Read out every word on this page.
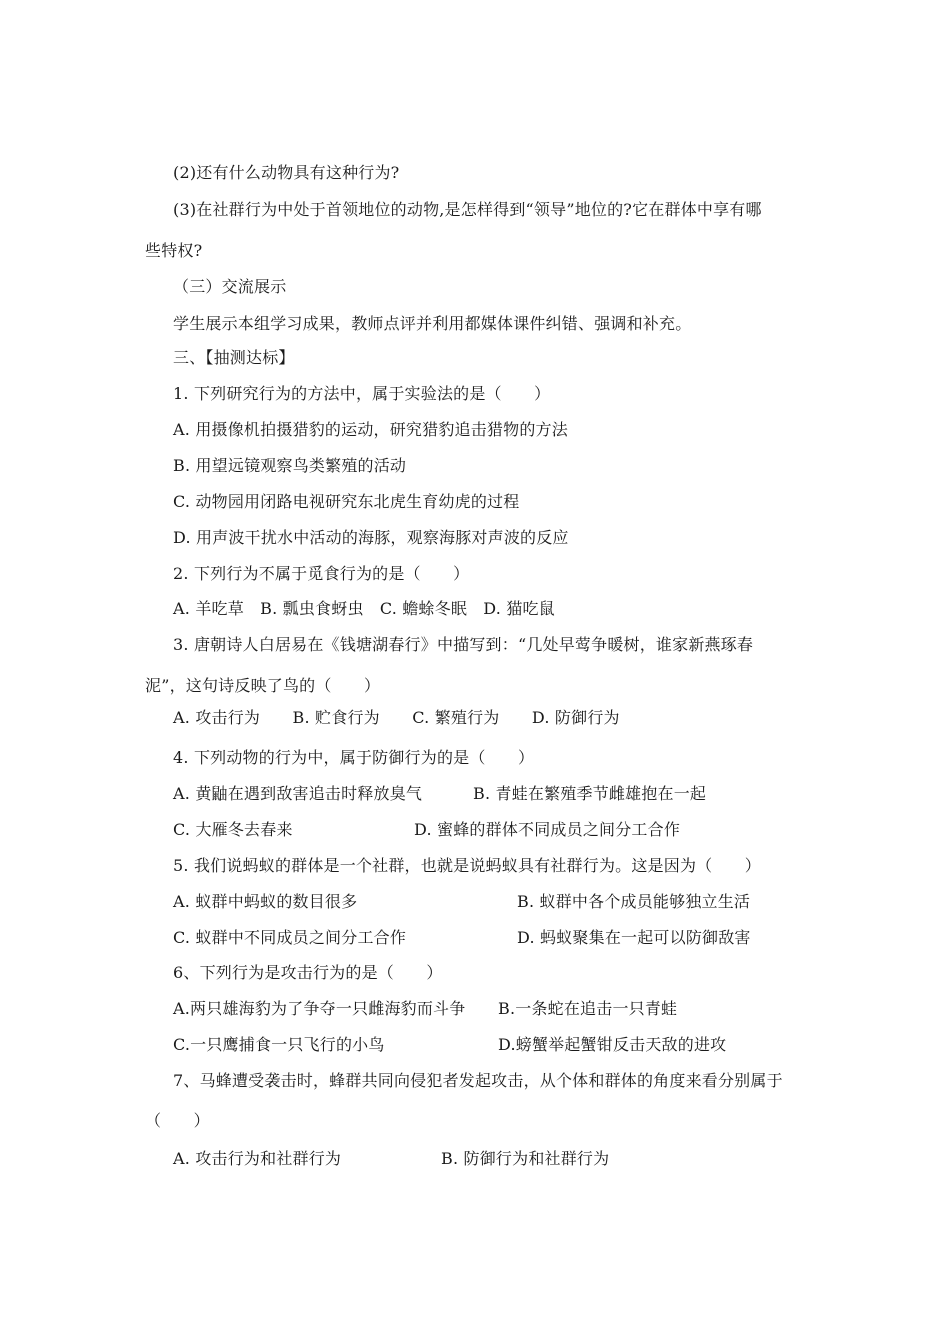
(2)还有什么动物具有这种行为?
(3)在社群行为中处于首领地位的动物,是怎样得到“领导”地位的?它在群体中享有哪
些特权?
（三）交流展示
学生展示本组学习成果，教师点评并利用都媒体课件纠错、强调和补充。
三、【抽测达标】
1. 下列研究行为的方法中，属于实验法的是（　　）
A. 用摄像机拍摄猎豹的运动，研究猎豹追击猎物的方法
B. 用望远镜观察鸟类繁殖的活动
C. 动物园用闭路电视研究东北虎生育幼虎的过程
D. 用声波干扰水中活动的海豚，观察海豚对声波的反应
2. 下列行为不属于觅食行为的是（　　）
A. 羊吃草　B. 瓢虫食蚜虫　C. 蟾蜍冬眠　D. 猫吃鼠
3. 唐朝诗人白居易在《钱塘湖春行》中描写到：“几处早莺争暖树，谁家新燕琢春
泥”，这句诗反映了鸟的（　　）
A. 攻击行为　　B. 贮食行为　　C. 繁殖行为　　D. 防御行为
4. 下列动物的行为中，属于防御行为的是（　　）
A. 黄鼬在遇到敌害追击时释放臭气	B. 青蛙在繁殖季节雌雄抱在一起
C. 大雁冬去春来	D. 蜜蜂的群体不同成员之间分工合作
5. 我们说蚂蚁的群体是一个社群，也就是说蚂蚁具有社群行为。这是因为（　　）
A. 蚁群中蚂蚁的数目很多	B. 蚁群中各个成员能够独立生活
C. 蚁群中不同成员之间分工合作	D. 蚂蚁聚集在一起可以防御敌害
6、下列行为是攻击行为的是（　　）
A.两只雄海豹为了争夺一只雌海豹而斗争 B.一条蛇在追击一只青蛙
C.一只鹰捕食一只飞行的小鸟	D.螃蟹举起蟹钳反击天敌的进攻
7、马蜂遭受袭击时，蜂群共同向侵犯者发起攻击，从个体和群体的角度来看分别属于
（　　）
A. 攻击行为和社群行为	B. 防御行为和社群行为
